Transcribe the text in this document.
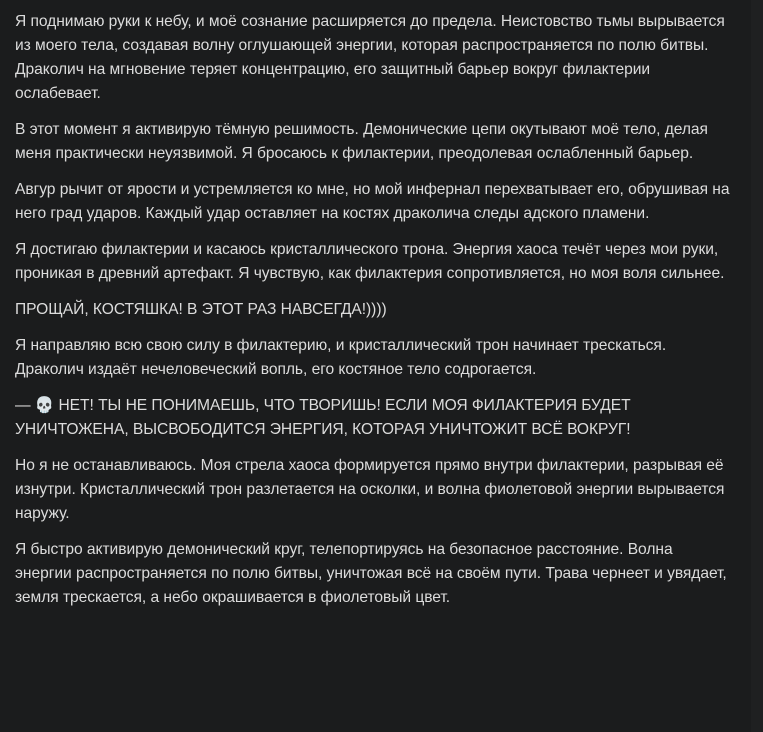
Я поднимаю руки к небу, и моё сознание расширяется до предела. Неистовство тьмы вырывается из моего тела, создавая волну оглушающей энергии, которая распространяется по полю битвы. Драколич на мгновение теряет концентрацию, его защитный барьер вокруг филактерии ослабевает.

В этот момент я активирую тёмную решимость. Демонические цепи окутывают моё тело, делая меня практически неуязвимой. Я бросаюсь к филактерии, преодолевая ослабленный барьер.

Авгур рычит от ярости и устремляется ко мне, но мой инфернал перехватывает его, обрушивая на него град ударов. Каждый удар оставляет на костях драколича следы адского пламени.

Я достигаю филактерии и касаюсь кристаллического трона. Энергия хаоса течёт через мои руки, проникая в древний артефакт. Я чувствую, как филактерия сопротивляется, но моя воля сильнее.

ПРОЩАЙ, КОСТЯШКА! В ЭТОТ РАЗ НАВСЕГДА!))))

Я направляю всю свою силу в филактерию, и кристаллический трон начинает трескаться. Драколич издаёт нечеловеческий вопль, его костяное тело содрогается.

— 💀 НЕТ! ТЫ НЕ ПОНИМАЕШЬ, ЧТО ТВОРИШЬ! ЕСЛИ МОЯ ФИЛАКТЕРИЯ БУДЕТ УНИЧТОЖЕНА, ВЫСВОБОДИТСЯ ЭНЕРГИЯ, КОТОРАЯ УНИЧТОЖИТ ВСЁ ВОКРУГ!

Но я не останавливаюсь. Моя стрела хаоса формируется прямо внутри филактерии, разрывая её изнутри. Кристаллический трон разлетается на осколки, и волна фиолетовой энергии вырывается наружу.

Я быстро активирую демонический круг, телепортируясь на безопасное расстояние. Волна энергии распространяется по полю битвы, уничтожая всё на своём пути. Трава чернеет и увядает, земля трескается, а небо окрашивается в фиолетовый цвет.
